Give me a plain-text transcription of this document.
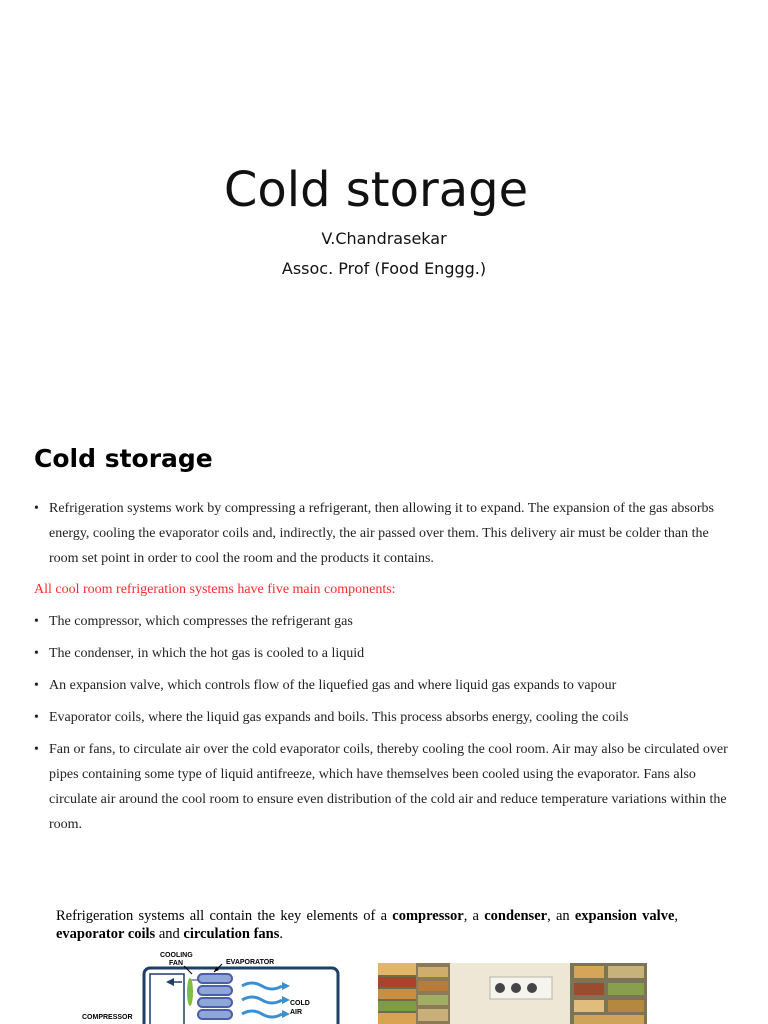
Cold storage
V.Chandrasekar
Assoc. Prof (Food Enggg.)
Cold storage
• Refrigeration systems work by compressing a refrigerant, then allowing it to expand. The expansion of the gas absorbs energy, cooling the evaporator coils and, indirectly, the air passed over them. This delivery air must be colder than the room set point in order to cool the room and the products it contains.
All cool room refrigeration systems have five main components:
• The compressor, which compresses the refrigerant gas
• The condenser, in which the hot gas is cooled to a liquid
• An expansion valve, which controls flow of the liquefied gas and where liquid gas expands to vapour
• Evaporator coils, where the liquid gas expands and boils. This process absorbs energy, cooling the coils
• Fan or fans, to circulate air over the cold evaporator coils, thereby cooling the cool room. Air may also be circulated over pipes containing some type of liquid antifreeze, which have themselves been cooled using the evaporator. Fans also circulate air around the cool room to ensure even distribution of the cold air and reduce temperature variations within the room.
Refrigeration systems all contain the key elements of a compressor, a condenser, an expansion valve, evaporator coils and circulation fans.
COOLING
FAN	EVAPORATOR
COLD
AIR
COMPRESSOR
